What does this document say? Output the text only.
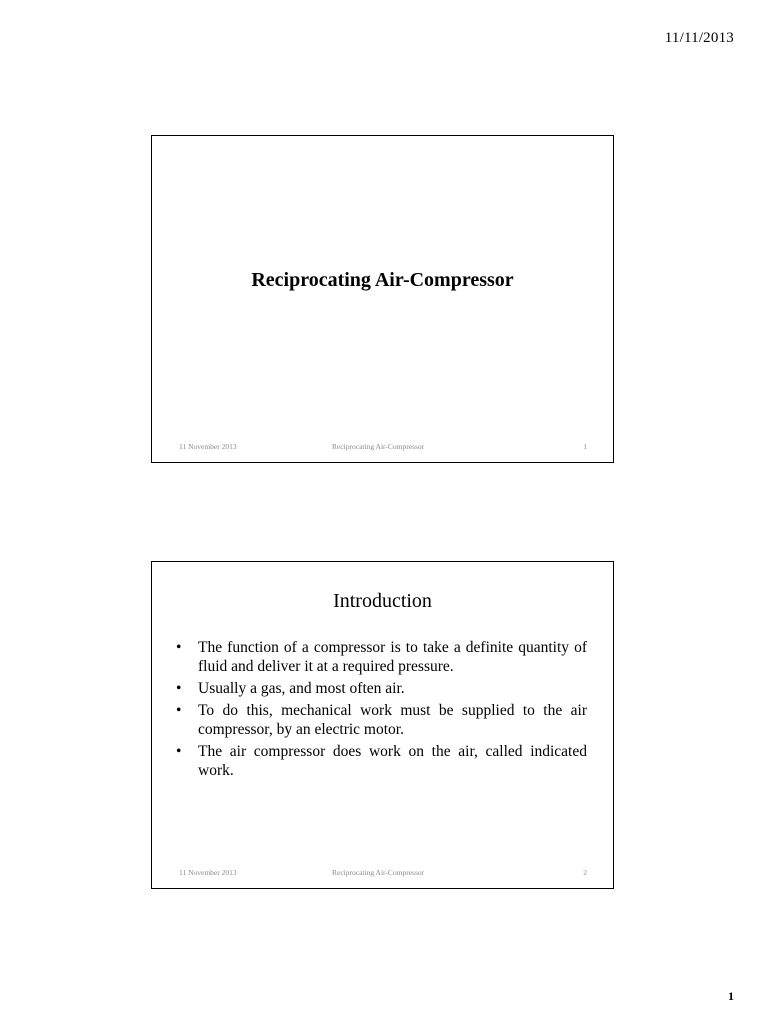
11/11/2013
Reciprocating Air-Compressor
11 November 2013	Reciprocating Air-Compressor	1
Introduction
• The function of a compressor is to take a definite quantity of fluid and deliver it at a required pressure.
• Usually a gas, and most often air.
• To do this, mechanical work must be supplied to the air compressor, by an electric motor.
• The air compressor does work on the air, called indicated work.
11 November 2013	Reciprocating Air-Compressor	2
1
